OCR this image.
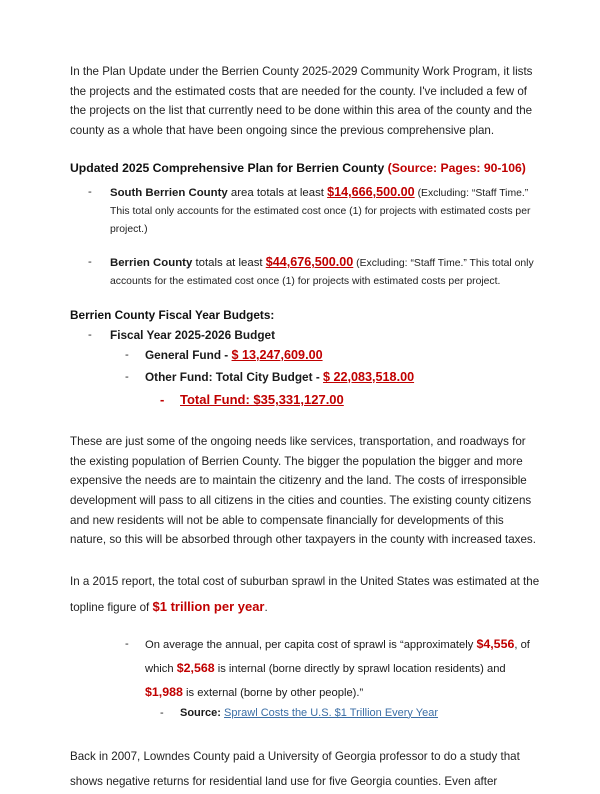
In the Plan Update under the Berrien County 2025-2029 Community Work Program, it lists the projects and the estimated costs that are needed for the county. I've included a few of the projects on the list that currently need to be done within this area of the county and the county as a whole that have been ongoing since the previous comprehensive plan.

Updated 2025 Comprehensive Plan for Berrien County (Source: Pages: 90-106)
-	South Berrien County area totals at least $14,666,500.00 (Excluding: “Staff Time.” This total only accounts for the estimated cost once (1) for projects with estimated costs per project.)
-	Berrien County totals at least $44,676,500.00 (Excluding: “Staff Time.” This total only accounts for the estimated cost once (1) for projects with estimated costs per project.
Berrien County Fiscal Year Budgets:
-	Fiscal Year 2025-2026 Budget
-	General Fund - $ 13,247,609.00
-	Other Fund: Total City Budget - $ 22,083,518.00
-	Total Fund: $35,331,127.00

These are just some of the ongoing needs like services, transportation, and roadways for the existing population of Berrien County. The bigger the population the bigger and more expensive the needs are to maintain the citizenry and the land. The costs of irresponsible development will pass to all citizens in the cities and counties. The existing county citizens and new residents will not be able to compensate financially for developments of this nature, so this will be absorbed through other taxpayers in the county with increased taxes.

In a 2015 report, the total cost of suburban sprawl in the United States was estimated at the topline figure of $1 trillion per year.

-	On average the annual, per capita cost of sprawl is “approximately $4,556, of which $2,568 is internal (borne directly by sprawl location residents) and $1,988 is external (borne by other people).”
-	Source: Sprawl Costs the U.S. $1 Trillion Every Year

Back in 2007, Lowndes County paid a University of Georgia professor to do a study that shows negative returns for residential land use for five Georgia counties. Even after
